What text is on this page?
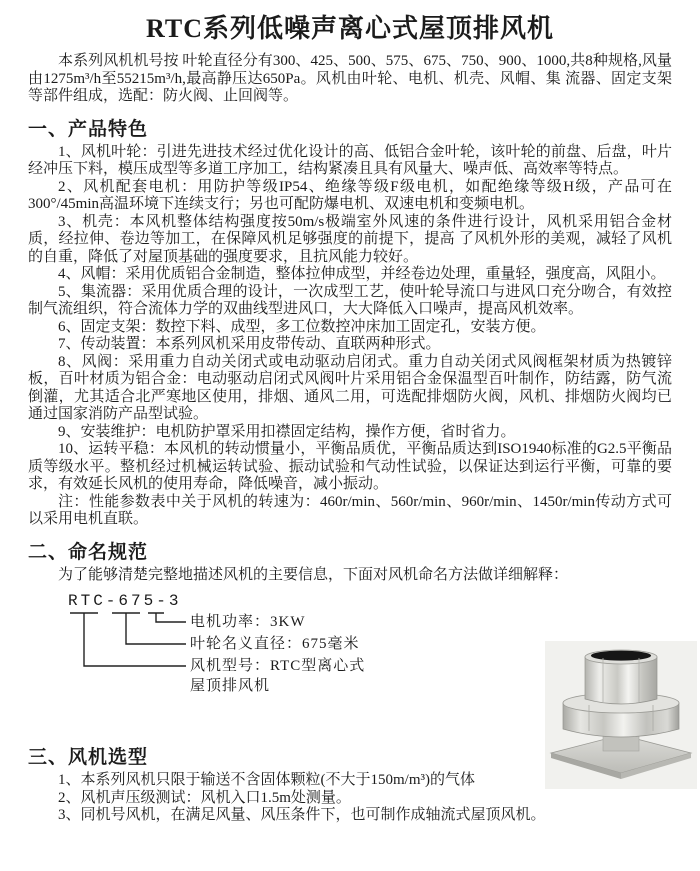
RTC系列低噪声离心式屋顶排风机

本系列风机机号按 叶轮直径分有300、425、500、575、675、750、900、1000,共8种规格,风量由1275m³/h至55215m³/h,最高静压达650Pa。风机由叶轮、电机、机壳、风帽、集 流器、固定支架等部件组成，选配：防火阀、止回阀等。

一、产品特色

1、风机叶轮：引进先进技术经过优化设计的高、低铝合金叶轮，该叶轮的前盘、后盘，叶片经冲压下料，模压成型等多道工序加工，结构紧凑且具有风量大、噪声低、高效率等特点。

2、风机配套电机：用防护等级IP54、绝缘等级F级电机，如配绝缘等级H级，产品可在300°/45min高温环境下连续支行；另也可配防爆电机、双速电机和变频电机。

3、机壳：本风机整体结构强度按50m/s极端室外风速的条件进行设计，风机采用铝合金材质，经拉伸、卷边等加工，在保障风机足够强度的前提下，提高 了风机外形的美观，减轻了风机的自重，降低了对屋顶基础的强度要求，且抗风能力较好。

4、风帽：采用优质铝合金制造，整体拉伸成型，并经卷边处理，重量轻，强度高，风阻小。

5、集流器：采用优质合理的设计，一次成型工艺，使叶轮导流口与进风口充分吻合，有效控制气流组织，符合流体力学的双曲线型进风口，大大降低入口噪声，提高风机效率。

6、固定支架：数控下料、成型，多工位数控冲床加工固定孔，安装方便。

7、传动装置：本系列风机采用皮带传动、直联两种形式。

8、风阀：采用重力自动关闭式或电动驱动启闭式。重力自动关闭式风阀框架材质为热镀锌板，百叶材质为铝合金：电动驱动启闭式风阀叶片采用铝合金保温型百叶制作，防结露，防气流倒灌，尤其适合北严寒地区使用，排烟、通风二用，可选配排烟防火阀，风机、排烟防火阀均已通过国家消防产品型试验。

9、安装维护：电机防护罩采用扣襟固定结构，操作方便，省时省力。

10、运转平稳：本风机的转动惯量小，平衡品质优，平衡品质达到ISO1940标准的G2.5平衡品质等级水平。整机经过机械运转试验、振动试验和气动性试验，以保证达到运行平衡，可靠的要求，有效延长风机的使用寿命，降低噪音，减小振动。

注：性能参数表中关于风机的转速为：460r/min、560r/min、960r/min、1450r/min传动方式可以采用电机直联。

二、命名规范

为了能够清楚完整地描述风机的主要信息，下面对风机命名方法做详细解释：

RTC-675-3
电机功率：3KW
叶轮名义直径：675毫米
风机型号：RTC型离心式
屋顶排风机
三、风机选型

1、本系列风机只限于输送不含固体颗粒(不大于150m/m³)的气体

2、风机声压级测试：风机入口1.5m处测量。

3、同机号风机，在满足风量、风压条件下，也可制作成轴流式屋顶风机。
